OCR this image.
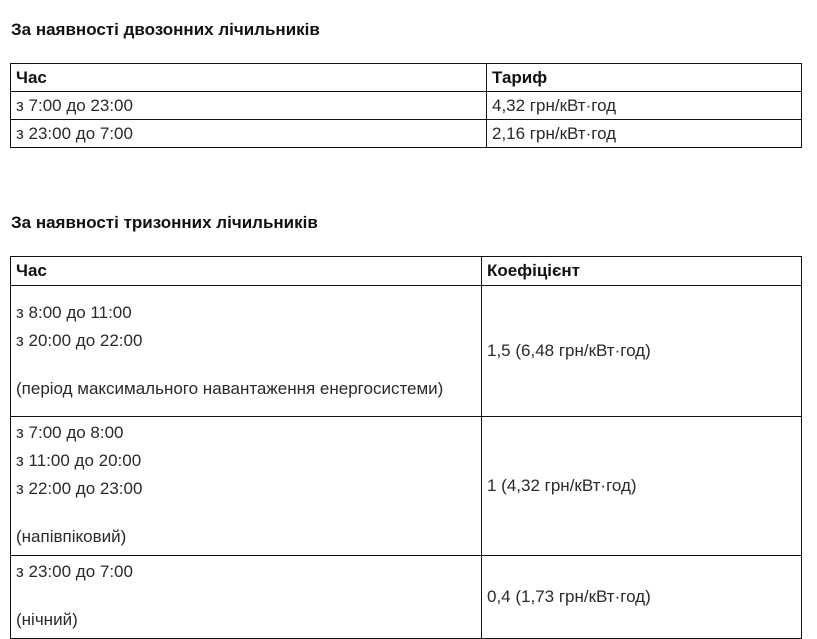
За наявності двозонних лічильників
Час	Тариф
з 7:00 до 23:00	4,32 грн/кВт·год
з 23:00 до 7:00	2,16 грн/кВт·год
За наявності тризонних лічильників
Час	Коефіцієнт

з 8:00 до 11:00
з 20:00 до 22:00
(період максимального навантаження енергосистеми)	1,5 (6,48 грн/кВт·год)

з 7:00 до 8:00
з 11:00 до 20:00
з 22:00 до 23:00
(напівпіковий)	1 (4,32 грн/кВт·год)

з 23:00 до 7:00
(нічний)	0,4 (1,73 грн/кВт·год)
